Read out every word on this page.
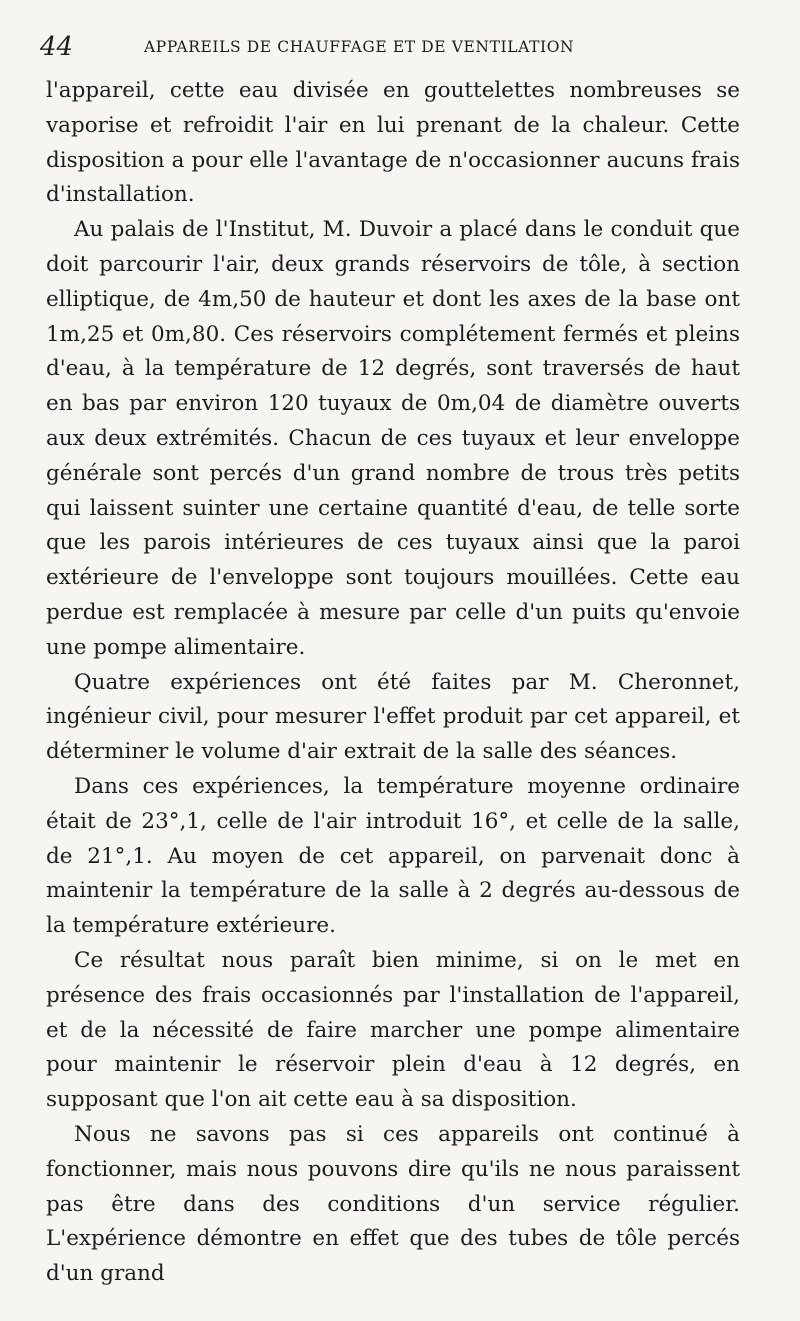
44	APPAREILS DE CHAUFFAGE ET DE VENTILATION

l'appareil, cette eau divisée en gouttelettes nombreuses se vaporise et refroidit l'air en lui prenant de la chaleur. Cette disposition a pour elle l'avantage de n'occasionner aucuns frais d'installation.

Au palais de l'Institut, M. Duvoir a placé dans le conduit que doit parcourir l'air, deux grands réservoirs de tôle, à section elliptique, de 4m,50 de hauteur et dont les axes de la base ont 1m,25 et 0m,80. Ces réservoirs complétement fermés et pleins d'eau, à la température de 12 degrés, sont traversés de haut en bas par environ 120 tuyaux de 0m,04 de diamètre ouverts aux deux extrémités. Chacun de ces tuyaux et leur enveloppe générale sont percés d'un grand nombre de trous très petits qui laissent suinter une certaine quantité d'eau, de telle sorte que les parois intérieures de ces tuyaux ainsi que la paroi extérieure de l'enveloppe sont toujours mouillées. Cette eau perdue est remplacée à mesure par celle d'un puits qu'envoie une pompe alimentaire.

Quatre expériences ont été faites par M. Cheronnet, ingénieur civil, pour mesurer l'effet produit par cet appareil, et déterminer le volume d'air extrait de la salle des séances.

Dans ces expériences, la température moyenne ordinaire était de 23°,1, celle de l'air introduit 16°, et celle de la salle, de 21°,1. Au moyen de cet appareil, on parvenait donc à maintenir la température de la salle à 2 degrés au-dessous de la température extérieure.

Ce résultat nous paraît bien minime, si on le met en présence des frais occasionnés par l'installation de l'appareil, et de la nécessité de faire marcher une pompe alimentaire pour maintenir le réservoir plein d'eau à 12 degrés, en supposant que l'on ait cette eau à sa disposition.

Nous ne savons pas si ces appareils ont continué à fonctionner, mais nous pouvons dire qu'ils ne nous paraissent pas être dans des conditions d'un service régulier. L'expérience démontre en effet que des tubes de tôle percés d'un grand
